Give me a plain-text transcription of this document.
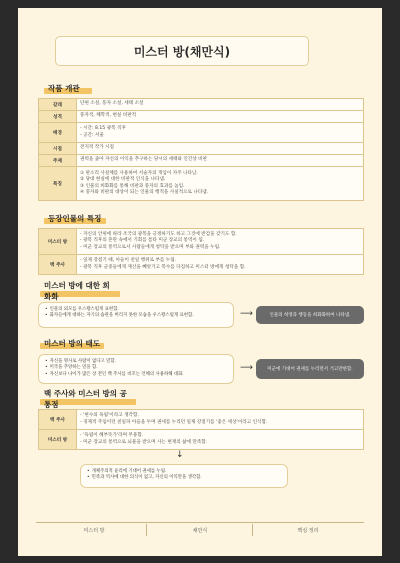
미스터 방(채만식)
작품 개관
갈래	단편 소설, 풍자 소설, 세태 소설
성격	풍자적, 해학적, 현실 비판적
배경	- 시간: 8.15 광복 직후
- 공간: 서울

시점	전지적 작가 시점
주제	권력을 좇아 자신의 이익을 추구하는 당시의 세태와 인간상 비판
특징	① 판소리 사설체를 사용하여 서술자의 개입이 자주 나타남.
② 당대 현실에 대한 비판적 인식을 나타냄.
③ 인물의 희화화를 통해 비판과 풍자의 효과를 높임.
④ 풍자와 비판의 대상이 되는 인물의 행적을 사실적으로 나타냄.
등장인물의 특징
미스터 방	- 자신의 안위에 따라 조국의 광복을 긍정하기도 하고 그것에 반감을 갖기도 함.
- 광복 직후의 혼란 속에서 기회를 틈타 미군 장교의 통역이 됨.
- 미군 장교의 통역으로서 사람들에게 청탁을 받으며 부와 권력을 누림.

백 주사	- 일제 강점기 때, 아들이 친일 행위로 부를 누림.
- 광복 직후 군중들에게 재산을 빼앗기고 복수를 다짐하고 미스터 방에게 청탁을 함.
미스터 방에 대한 희화화
• 인물의 외모를 우스꽝스럽게 표현함.
• 화자들에게 대하는 자기의 습관을 버리지 못한 모습을 우스꽝스럽게 표현함.	⟶	인물의 허영과 행동을 희화화하여 나타냄.
미스터 방의 태도
• 자신을 명사로 사람이 없다고 말함.
• 미국을 추앙하는 말을 함.
• 자신보다 나이가 많은 상 전인 백 주사를 비꼬는 언해의 사용하해 대화.
⟶	미군에 기대어 권세를 누리면서 거고만한함.
백 주사와 미스터 방의 공통점
백 주사	- '현수의 독립'이라고 생각함.
- 경제적 주임이던 친일파 아들을 두며 권세를 누리던 일제 강점기를 '좋은 세상'이라고 인식함.

미스터 방	- '독립이 해부뜻가'라며 무용함.
- 미군 장교의 통역으로 뇌물을 받으며 사는 현재의 삶에 만족함.
↓
• 개체주의적 윤리에 기대어 권세를 누림.
• 민족과 역사에 대한 의식이 없고, 자신의 이익만을 생각함.
미스터 방	채만식	핵심 정리
